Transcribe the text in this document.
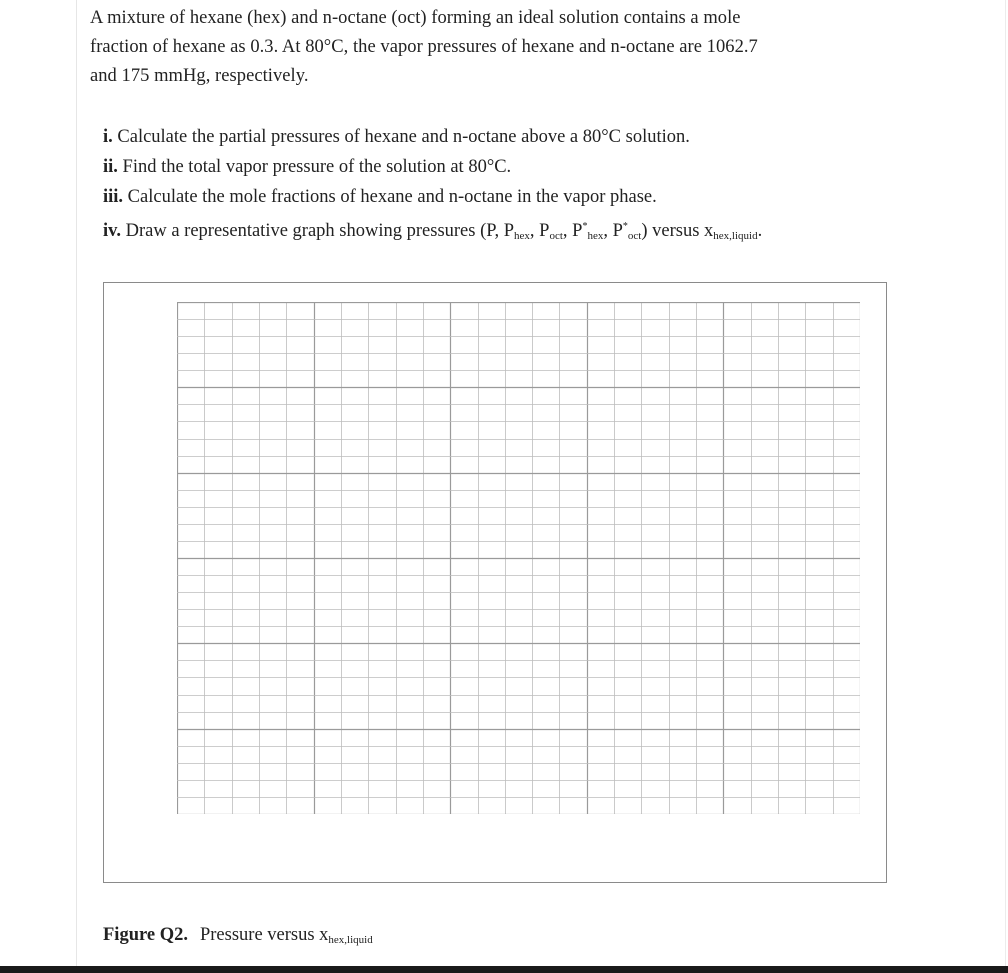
A mixture of hexane (hex) and n-octane (oct) forming an ideal solution contains a mole
fraction of hexane as 0.3. At 80°C, the vapor pressures of hexane and n-octane are 1062.7
and 175 mmHg, respectively.
i. Calculate the partial pressures of hexane and n-octane above a 80°C solution.
ii. Find the total vapor pressure of the solution at 80°C.
iii. Calculate the mole fractions of hexane and n-octane in the vapor phase.
iv. Draw a representative graph showing pressures (P, $P_{hex}$, $P_{oct}$, $P^*_{hex}$, $P^*_{oct}$) versus $x_{hex,liquid}$.
Figure Q2. Pressure versus $x_{hex,liquid}$
